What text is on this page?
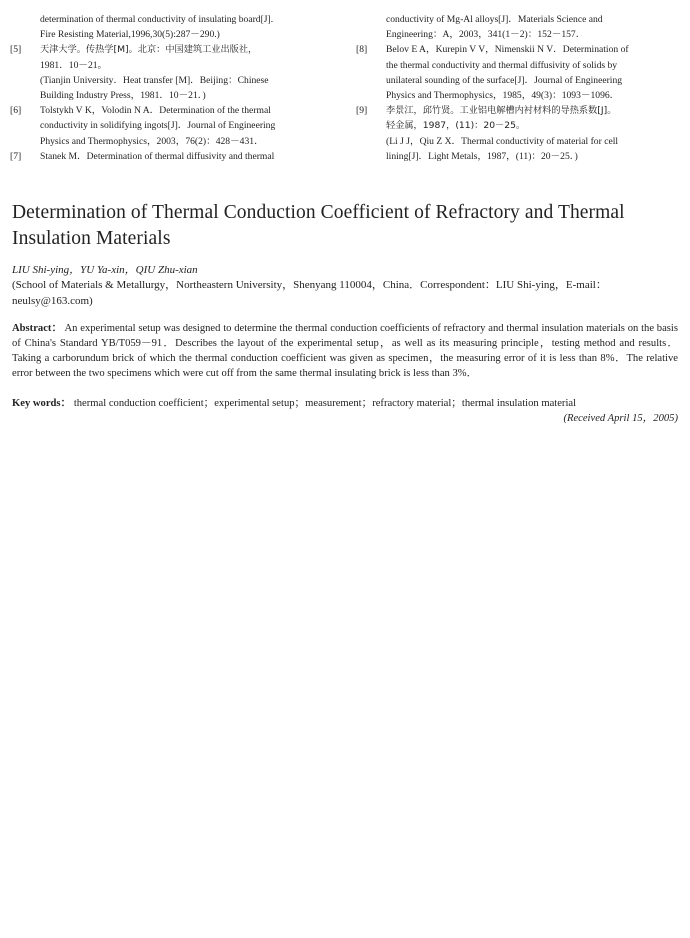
determination of thermal conductivity of insulating board[J].
Fire Resisting Material,1996,30(5):287－290.)
[5] 天津大学。传热学[M]。北京：中国建筑工业出版社，
1981．10－21。
(Tianjin University．Heat transfer [M]．Beijing：Chinese
Building Industry Press，1981．10－21．)
[6] Tolstykh V K，Volodin N A．Determination of the thermal
conductivity in solidifying ingots[J]．Journal of Engineering
Physics and Thermophysics，2003，76(2)：428－431．
[7] Stanek M．Determination of thermal diffusivity and thermal
conductivity of Mg-Al alloys[J]．Materials Science and
Engineering：A，2003，341(1－2)：152－157．
[8] Belov E A，Kurepin V V，Nimenskii N V．Determination of
the thermal conductivity and thermal diffusivity of solids by
unilateral sounding of the surface[J]．Journal of Engineering
Physics and Thermophysics，1985，49(3)：1093－1096．
[9] 李景江，邱竹贤。工业铝电解槽内衬材料的导热系数[J]。
轻金属，1987，(11)：20－25。
(Li J J，Qiu Z X．Thermal conductivity of material for cell
lining[J]．Light Metals，1987，(11)：20－25．)
Determination of Thermal Conduction Coefficient of Refractory and Thermal Insulation Materials
LIU Shi-ying，YU Ya-xin，QIU Zhu-xian
(School of Materials & Metallurgy，Northeastern University，Shenyang 110004，China．Correspondent：LIU Shi-ying，E-mail：neulsy@163.com)
Abstract： An experimental setup was designed to determine the thermal conduction coefficients of refractory and thermal insulation materials on the basis of China's Standard YB/T059－91．Describes the layout of the experimental setup，as well as its measuring principle，testing method and results．Taking a carborundum brick of which the thermal conduction coefficient was given as specimen，the measuring error of it is less than 8%．The relative error between the two specimens which were cut off from the same thermal insulating brick is less than 3%．
Key words： thermal conduction coefficient；experimental setup；measurement；refractory material；thermal insulation material
(Received April 15，2005)
